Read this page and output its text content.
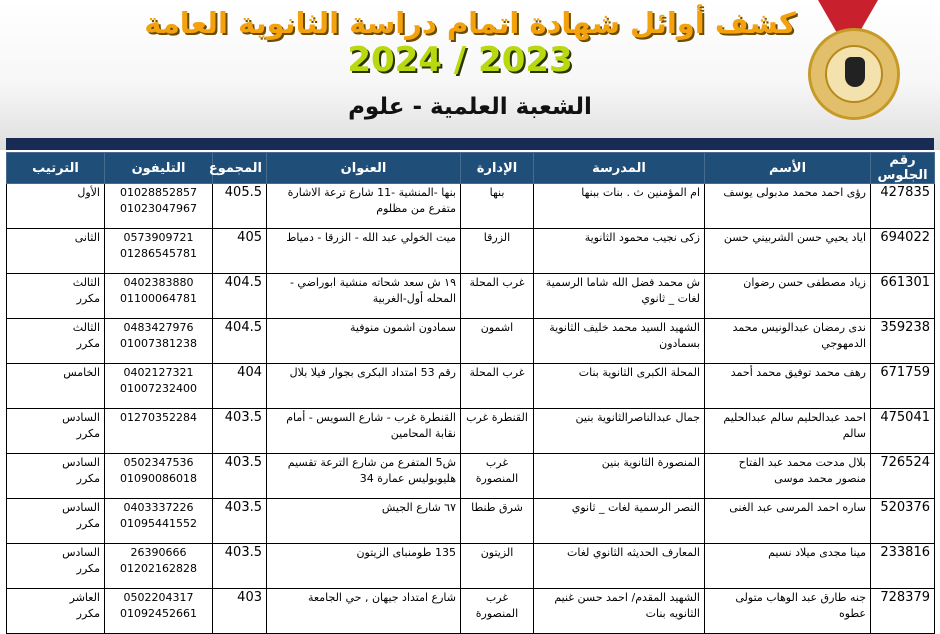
كشف أوائل شهادة اتمام دراسة الثانوية العامة
2024 / 2023
الشعبة العلمية - علوم
رقم الجلوس	الأسم	المدرسة	الإدارة	العنوان	المجموع	التليفون	الترتيب
427835	رؤى احمد محمد مدبولى يوسف	ام المؤمنين ث . بنات ببنها	بنها	بنها -المنشية -11 شارع ترعة الاشارة متفرع من مظلوم	405.5	01028852857
01023047967	الأول

694022	اياد يحيي حسن الشربيني حسن	زكى نجيب محمود الثانوية	الزرقا	ميت الخولي عبد الله - الزرقا - دمياط	405	0573909721
01286545781	الثانى

661301	زياد مصطفى حسن رضوان	ش محمد فضل الله شاما الرسمية لغات _ ثانوي	غرب المحلة	١٩ ش سعد شحاته منشية ابوراضي - المحله أول-الغربية	404.5	0402383880
01100064781	الثالث
مكرر

359238	ندى رمضان عبدالونيس محمد الدمهوجي	الشهيد السيد محمد خليف الثانوية بسمادون	اشمون	سمادون اشمون منوفية	404.5	0483427976
01007381238	الثالث
مكرر

671759	رهف محمد توفيق محمد أحمد	المحلة الكبرى الثانوية بنات	غرب المحلة	رقم 53 امتداد البكرى بجوار فيلا بلال	404	0402127321
01007232400	الخامس

475041	احمد عبدالحليم سالم عبدالحليم سالم	جمال عبدالناصرالثانوية بنين	القنطرة غرب	القنطرة غرب - شارع السويس - أمام نقابة المحامين	403.5	01270352284	السادس
مكرر

726524	بلال مدحت محمد عبد الفتاح منصور محمد موسى	المنصورة الثانوية بنين	غرب المنصورة	ش5 المتفرع من شارع الترعة تقسيم هليوبوليس عمارة 34	403.5	0502347536
01090086018	السادس
مكرر

520376	ساره احمد المرسى عبد الغنى	النصر الرسمية لغات _ ثانوي	شرق طنطا	٦٧ شارع الجيش	403.5	0403337226
01095441552	السادس
مكرر

233816	مينا مجدى ميلاد نسيم	المعارف الحديثه الثانوي لغات	الزيتون	135 طومنباى الزيتون	403.5	26390666
01202162828	السادس
مكرر

728379	جنه طارق عبد الوهاب متولى عطوه	الشهيد المقدم/ احمد حسن غنيم الثانويه بنات	غرب المنصورة	شارع امتداد جيهان , حي الجامعة	403	0502204317
01092452661	العاشر
مكرر
